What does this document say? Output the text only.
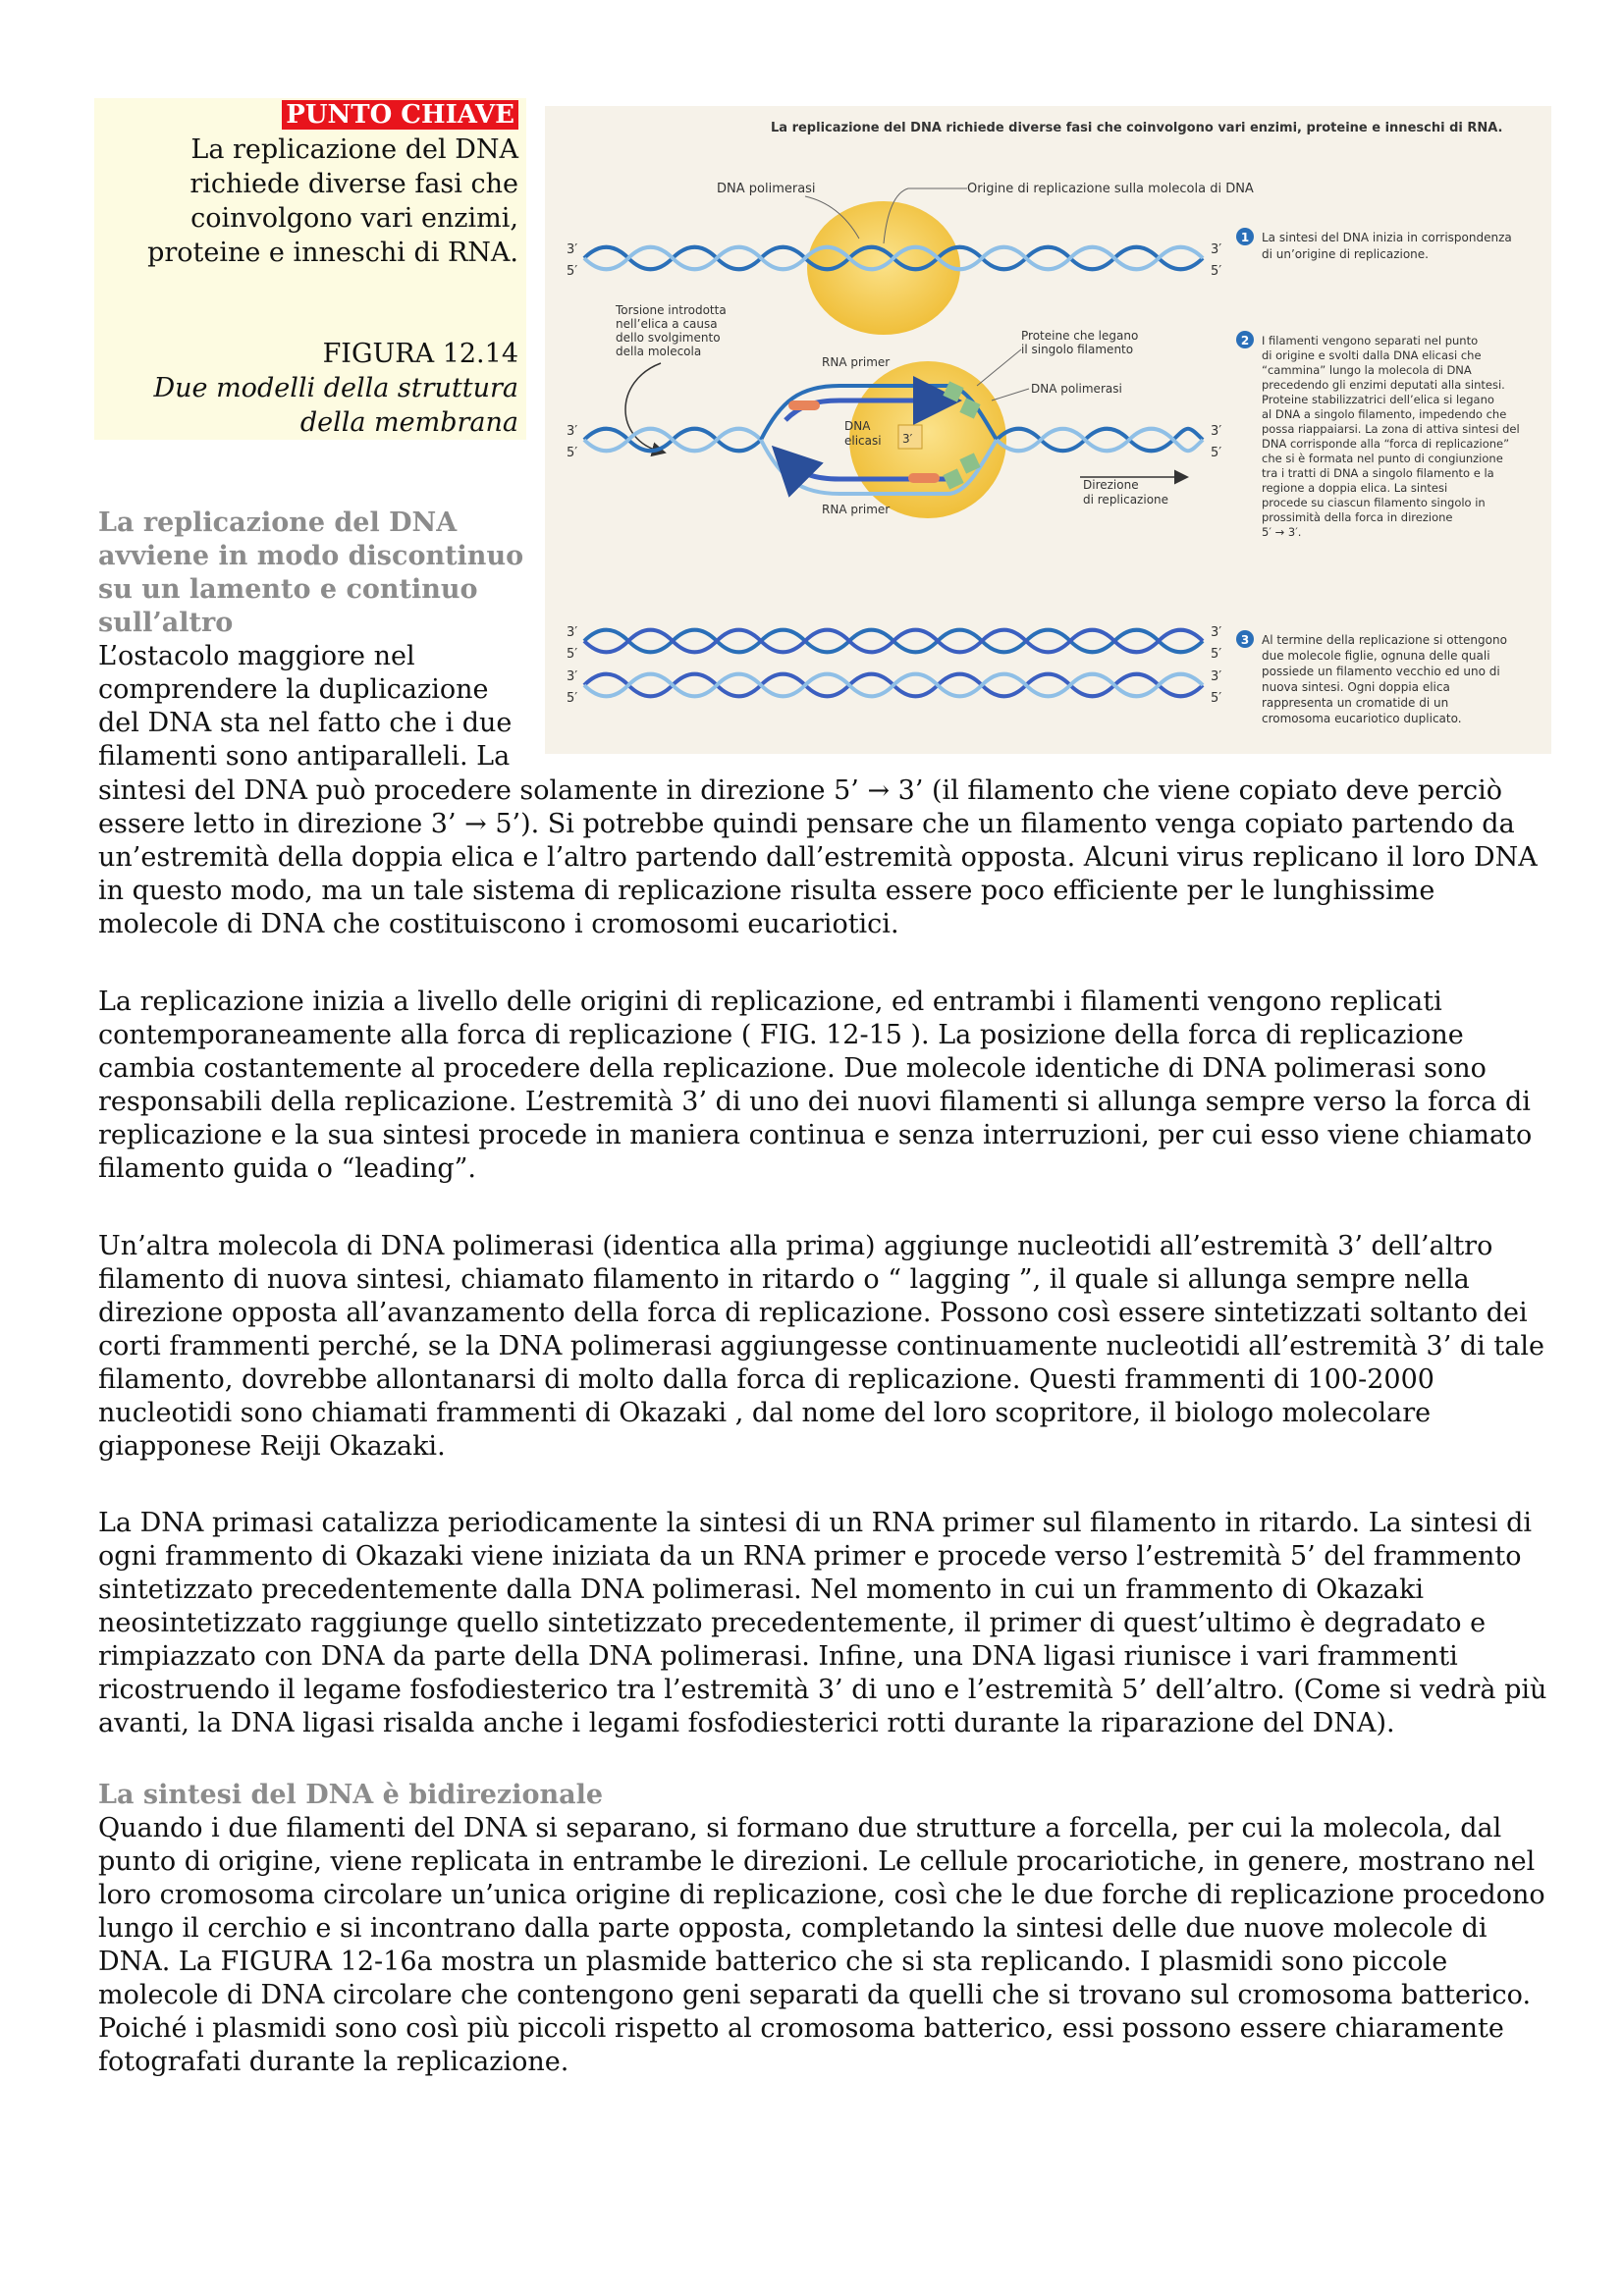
PUNTO CHIAVE
La replicazione del DNA richiede diverse fasi che coinvolgono vari enzimi, proteine e inneschi di RNA.
FIGURA 12.14
Due modelli della struttura della membrana
La replicazione del DNA richiede diverse fasi che coinvolgono vari enzimi, proteine e inneschi di RNA.
DNA polimerasi	Origine di replicazione sulla molecola di DNA
3′
5′
3′
5′
1 La sintesi del DNA inizia in corrispondenza di un’origine di replicazione.
Torsione introdotta nell’elica a causa dello svolgimento della molecola
DNA elicasi 3′
RNA primer
RNA primer
Proteine che legano il singolo filamento
DNA polimerasi
Direzione di replicazione
3′
5′
3′
5′
2 I filamenti vengono separati nel punto di origine e svolti dalla DNA elicasi che “cammina” lungo la molecola di DNA precedendo gli enzimi deputati alla sintesi. Proteine stabilizzatrici dell’elica si legano al DNA a singolo filamento, impedendo che possa riappaiarsi. La zona di attiva sintesi del DNA corrisponde alla “forca di replicazione” che si è formata nel punto di congiunzione tra i tratti di DNA a singolo filamento e la regione a doppia elica. La sintesi procede su ciascun filamento singolo in prossimità della forca in direzione 5′ → 3′.
3′
5′
3′
5′
3′
5′
3′
5′
3 Al termine della replicazione si ottengono due molecole figlie, ognuna delle quali possiede un filamento vecchio ed uno di nuova sintesi. Ogni doppia elica rappresenta un cromatide di un cromosoma eucariotico duplicato.
La replicazione del DNA avviene in modo discontinuo su un lamento e continuo sull’altro
L’ostacolo maggiore nel comprendere la duplicazione del DNA sta nel fatto che i due filamenti sono antiparalleli. La

sintesi del DNA può procedere solamente in direzione 5’ → 3’ (il filamento che viene copiato deve perciò essere letto in direzione 3’ → 5’). Si potrebbe quindi pensare che un filamento venga copiato partendo da un’estremità della doppia elica e l’altro partendo dall’estremità opposta. Alcuni virus replicano il loro DNA in questo modo, ma un tale sistema di replicazione risulta essere poco efficiente per le lunghissime molecole di DNA che costituiscono i cromosomi eucariotici.

La replicazione inizia a livello delle origini di replicazione, ed entrambi i filamenti vengono replicati contemporaneamente alla forca di replicazione ( FIG. 12-15 ). La posizione della forca di replicazione cambia costantemente al procedere della replicazione. Due molecole identiche di DNA polimerasi sono responsabili della replicazione. L’estremità 3’ di uno dei nuovi filamenti si allunga sempre verso la forca di replicazione e la sua sintesi procede in maniera continua e senza interruzioni, per cui esso viene chiamato filamento guida o “leading”.

Un’altra molecola di DNA polimerasi (identica alla prima) aggiunge nucleotidi all’estremità 3’ dell’altro filamento di nuova sintesi, chiamato filamento in ritardo o “ lagging ”, il quale si allunga sempre nella direzione opposta all’avanzamento della forca di replicazione. Possono così essere sintetizzati soltanto dei corti frammenti perché, se la DNA polimerasi aggiungesse continuamente nucleotidi all’estremità 3’ di tale filamento, dovrebbe allontanarsi di molto dalla forca di replicazione. Questi frammenti di 100-2000 nucleotidi sono chiamati frammenti di Okazaki , dal nome del loro scopritore, il biologo molecolare giapponese Reiji Okazaki.

La DNA primasi catalizza periodicamente la sintesi di un RNA primer sul filamento in ritardo. La sintesi di ogni frammento di Okazaki viene iniziata da un RNA primer e procede verso l’estremità 5’ del frammento sintetizzato precedentemente dalla DNA polimerasi. Nel momento in cui un frammento di Okazaki neosintetizzato raggiunge quello sintetizzato precedentemente, il primer di quest’ultimo è degradato e rimpiazzato con DNA da parte della DNA polimerasi. Infine, una DNA ligasi riunisce i vari frammenti ricostruendo il legame fosfodiesterico tra l’estremità 3’ di uno e l’estremità 5’ dell’altro. (Come si vedrà più avanti, la DNA ligasi risalda anche i legami fosfodiesterici rotti durante la riparazione del DNA).

La sintesi del DNA è bidirezionale

Quando i due filamenti del DNA si separano, si formano due strutture a forcella, per cui la molecola, dal punto di origine, viene replicata in entrambe le direzioni. Le cellule procariotiche, in genere, mostrano nel loro cromosoma circolare un’unica origine di replicazione, così che le due forche di replicazione procedono lungo il cerchio e si incontrano dalla parte opposta, completando la sintesi delle due nuove molecole di DNA. La FIGURA 12-16a mostra un plasmide batterico che si sta replicando. I plasmidi sono piccole molecole di DNA circolare che contengono geni separati da quelli che si trovano sul cromosoma batterico. Poiché i plasmidi sono così più piccoli rispetto al cromosoma batterico, essi possono essere chiaramente fotografati durante la replicazione.
